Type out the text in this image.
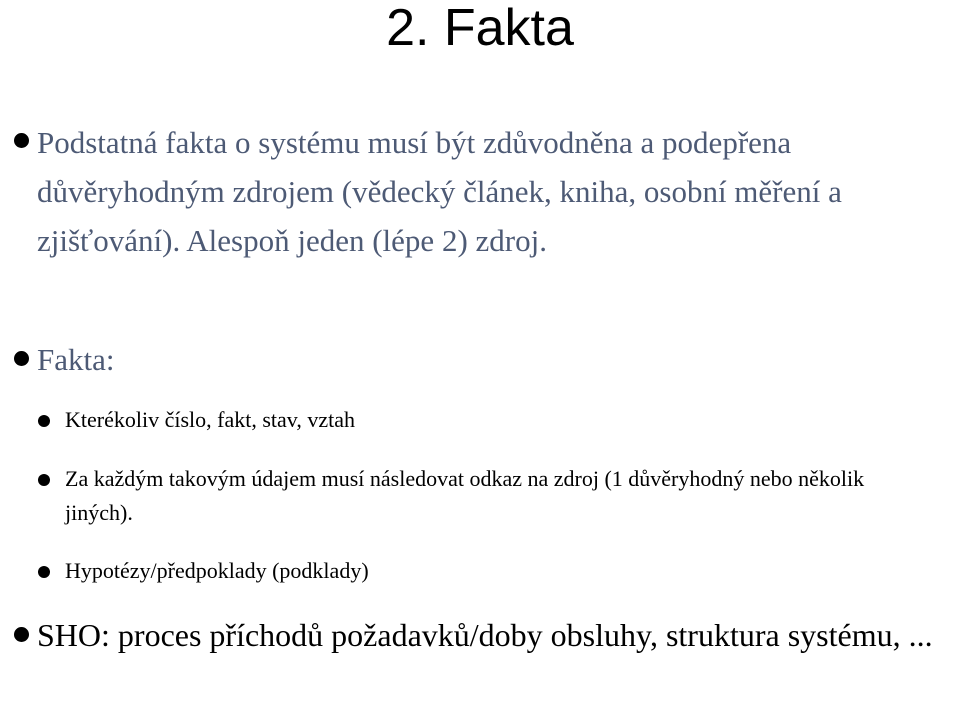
2. Fakta
Podstatná fakta o systému musí být zdůvodněna a podepřena důvěryhodným zdrojem (vědecký článek, kniha, osobní měření a zjišťování). Alespoň jeden (lépe 2) zdroj.
Fakta:
Kterékoliv číslo, fakt, stav, vztah
Za každým takovým údajem musí následovat odkaz na zdroj (1 důvěryhodný nebo několik jiných).
Hypotézy/předpoklady (podklady)
SHO: proces příchodů požadavků/doby obsluhy, struktura systému, ...
